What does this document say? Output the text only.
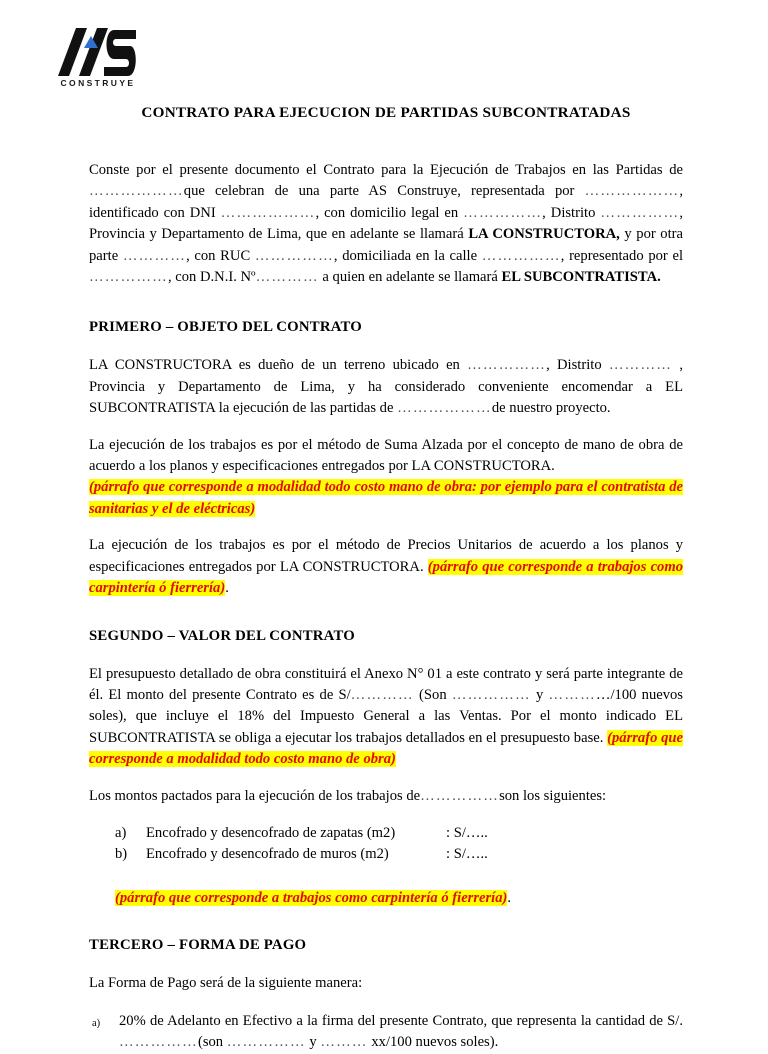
CONSTRUYE
CONTRATO PARA EJECUCION DE PARTIDAS SUBCONTRATADAS

Conste por el presente documento el Contrato para la Ejecución de Trabajos en las Partidas de ………………que celebran de una parte AS Construye, representada por ………………, identificado con DNI ………………, con domicilio legal en ……………, Distrito ……………, Provincia y Departamento de Lima, que en adelante se llamará LA CONSTRUCTORA, y por otra parte …………, con RUC ……………, domiciliada en la calle ……………, representado por el ……………, con D.N.I. Nº………… a quien en adelante se llamará EL SUBCONTRATISTA.

PRIMERO – OBJETO DEL CONTRATO

LA CONSTRUCTORA es dueño de un terreno ubicado en ……………, Distrito ………… , Provincia y Departamento de Lima, y ha considerado conveniente encomendar a EL SUBCONTRATISTA la ejecución de las partidas de ………………de nuestro proyecto.

La ejecución de los trabajos es por el método de Suma Alzada por el concepto de mano de obra de acuerdo a los planos y especificaciones entregados por LA CONSTRUCTORA.

(párrafo que corresponde a modalidad todo costo mano de obra: por ejemplo para el contratista de sanitarias y el de eléctricas)

La ejecución de los trabajos es por el método de Precios Unitarios de acuerdo a los planos y especificaciones entregados por LA CONSTRUCTORA. (párrafo que corresponde a trabajos como carpintería ó fierrería).

SEGUNDO – VALOR DEL CONTRATO

El presupuesto detallado de obra constituirá el Anexo N° 01 a este contrato y será parte integrante de él. El monto del presente Contrato es de S/………… (Son …………… y …………/100 nuevos soles), que incluye el 18% del Impuesto General a las Ventas. Por el monto indicado EL SUBCONTRATISTA se obliga a ejecutar los trabajos detallados en el presupuesto base. (párrafo que corresponde a modalidad todo costo mano de obra)

Los montos pactados para la ejecución de los trabajos de……………son los siguientes:

a) Encofrado y desencofrado de zapatas (m2)	: S/…..
b) Encofrado y desencofrado de muros (m2)	: S/…..

(párrafo que corresponde a trabajos como carpintería ó fierrería).

TERCERO – FORMA DE PAGO

La Forma de Pago será de la siguiente manera:

a) 20% de Adelanto en Efectivo a la firma del presente Contrato, que representa la cantidad de S/. ……………(son …………… y ……… xx/100 nuevos soles).
